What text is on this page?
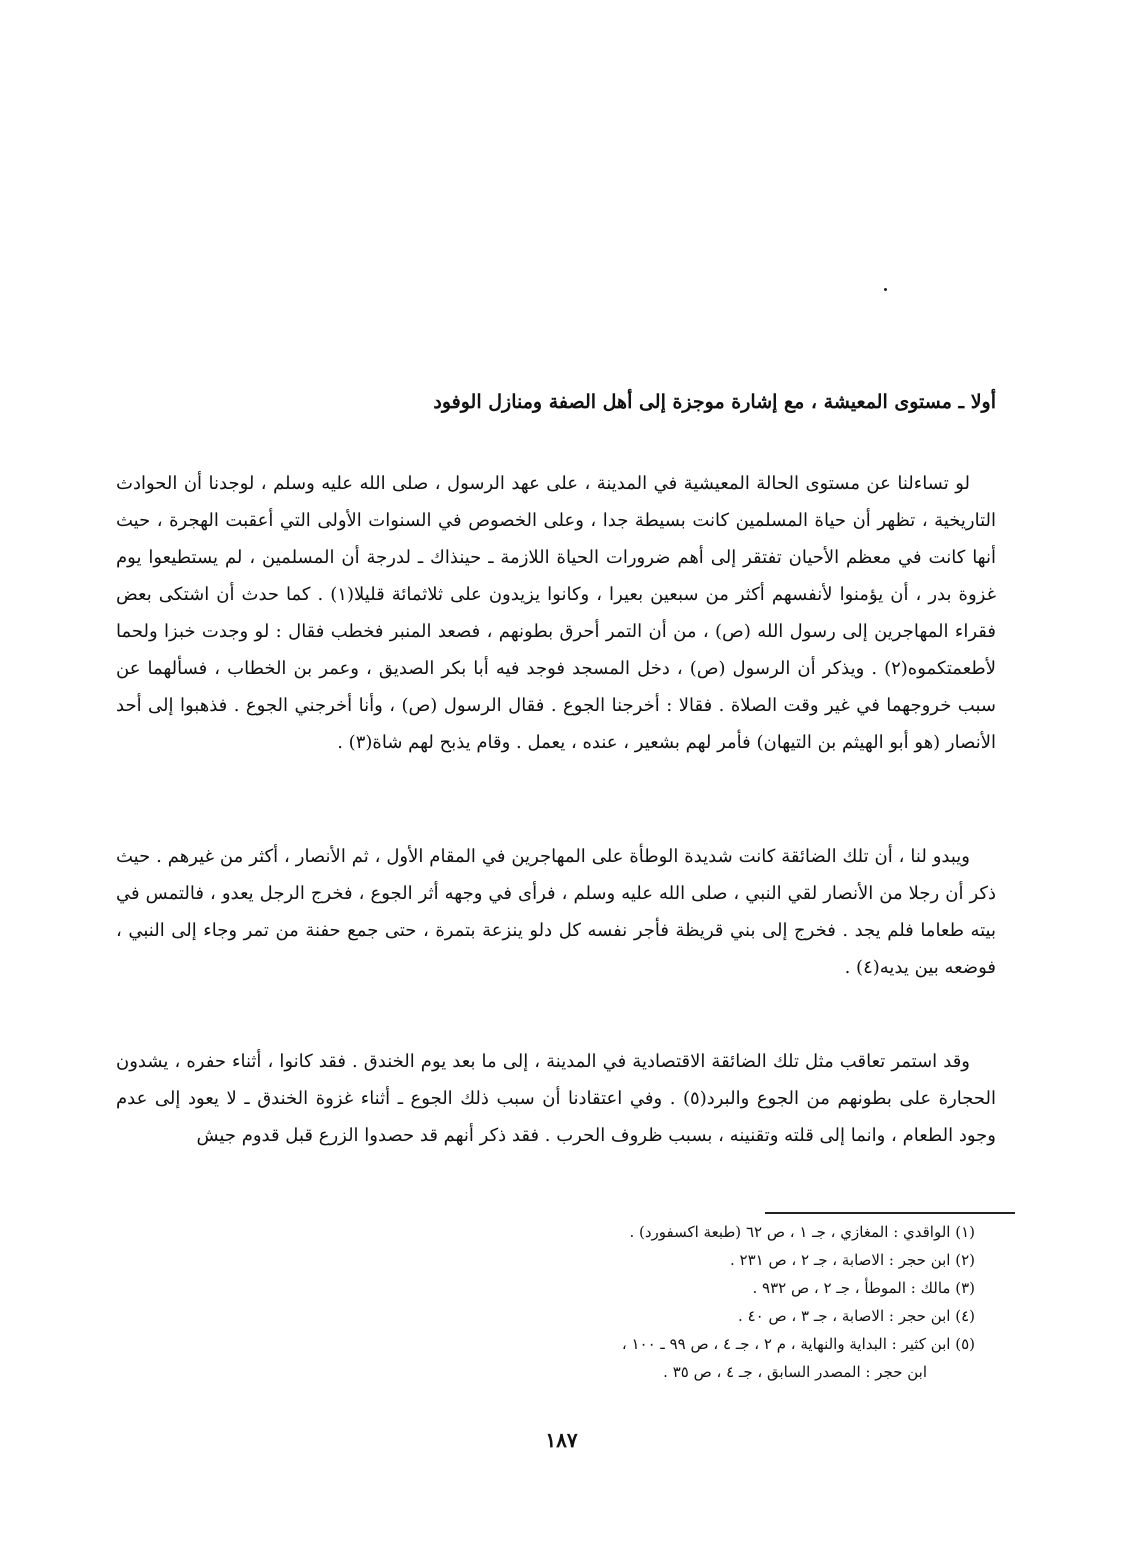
أولا ـ مستوى المعيشة ، مع إشارة موجزة إلى أهل الصفة ومنازل الوفود

لو تساءلنا عن مستوى الحالة المعيشية في المدينة ، على عهد الرسول ، صلى الله عليه وسلم ، لوجدنا أن الحوادث التاريخية ، تظهر أن حياة المسلمين كانت بسيطة جدا ، وعلى الخصوص في السنوات الأولى التي أعقبت الهجرة ، حيث أنها كانت في معظم الأحيان تفتقر إلى أهم ضرورات الحياة اللازمة ـ حينذاك ـ لدرجة أن المسلمين ، لم يستطيعوا يوم غزوة بدر ، أن يؤمنوا لأنفسهم أكثر من سبعين بعيرا ، وكانوا يزيدون على ثلاثمائة قليلا(١) . كما حدث أن اشتكى بعض فقراء المهاجرين إلى رسول الله (ص) ، من أن التمر أحرق بطونهم ، فصعد المنبر فخطب فقال : لو وجدت خبزا ولحما لأطعمتكموه(٢) . ويذكر أن الرسول (ص) ، دخل المسجد فوجد فيه أبا بكر الصديق ، وعمر بن الخطاب ، فسألهما عن سبب خروجهما في غير وقت الصلاة . فقالا : أخرجنا الجوع . فقال الرسول (ص) ، وأنا أخرجني الجوع . فذهبوا إلى أحد الأنصار (هو أبو الهيثم بن التيهان) فأمر لهم بشعير ، عنده ، يعمل . وقام يذبح لهم شاة(٣) .

ويبدو لنا ، أن تلك الضائقة كانت شديدة الوطأة على المهاجرين في المقام الأول ، ثم الأنصار ، أكثر من غيرهم . حيث ذكر أن رجلا من الأنصار لقي النبي ، صلى الله عليه وسلم ، فرأى في وجهه أثر الجوع ، فخرج الرجل يعدو ، فالتمس في بيته طعاما فلم يجد . فخرج إلى بني قريظة فأجر نفسه كل دلو ينزعة بتمرة ، حتى جمع حفنة من تمر وجاء إلى النبي ، فوضعه بين يديه(٤) .

وقد استمر تعاقب مثل تلك الضائقة الاقتصادية في المدينة ، إلى ما بعد يوم الخندق . فقد كانوا ، أثناء حفره ، يشدون الحجارة على بطونهم من الجوع والبرد(٥) . وفي اعتقادنا أن سبب ذلك الجوع ـ أثناء غزوة الخندق ـ لا يعود إلى عدم وجود الطعام ، وانما إلى قلته وتقنينه ، بسبب ظروف الحرب . فقد ذكر أنهم قد حصدوا الزرع قبل قدوم جيش

(١) الواقدي : المغازي ، جـ ١ ، ص ٦٢ (طبعة اكسفورد) .
(٢) ابن حجر : الاصابة ، جـ ٢ ، ص ٢٣١ .
(٣) مالك : الموطأ ، جـ ٢ ، ص ٩٣٢ .
(٤) ابن حجر : الاصابة ، جـ ٣ ، ص ٤٠ .
(٥) ابن كثير : البداية والنهاية ، م ٢ ، جـ ٤ ، ص ٩٩ ـ ١٠٠ ،
ابن حجر : المصدر السابق ، جـ ٤ ، ص ٣٥ .
١٨٧
